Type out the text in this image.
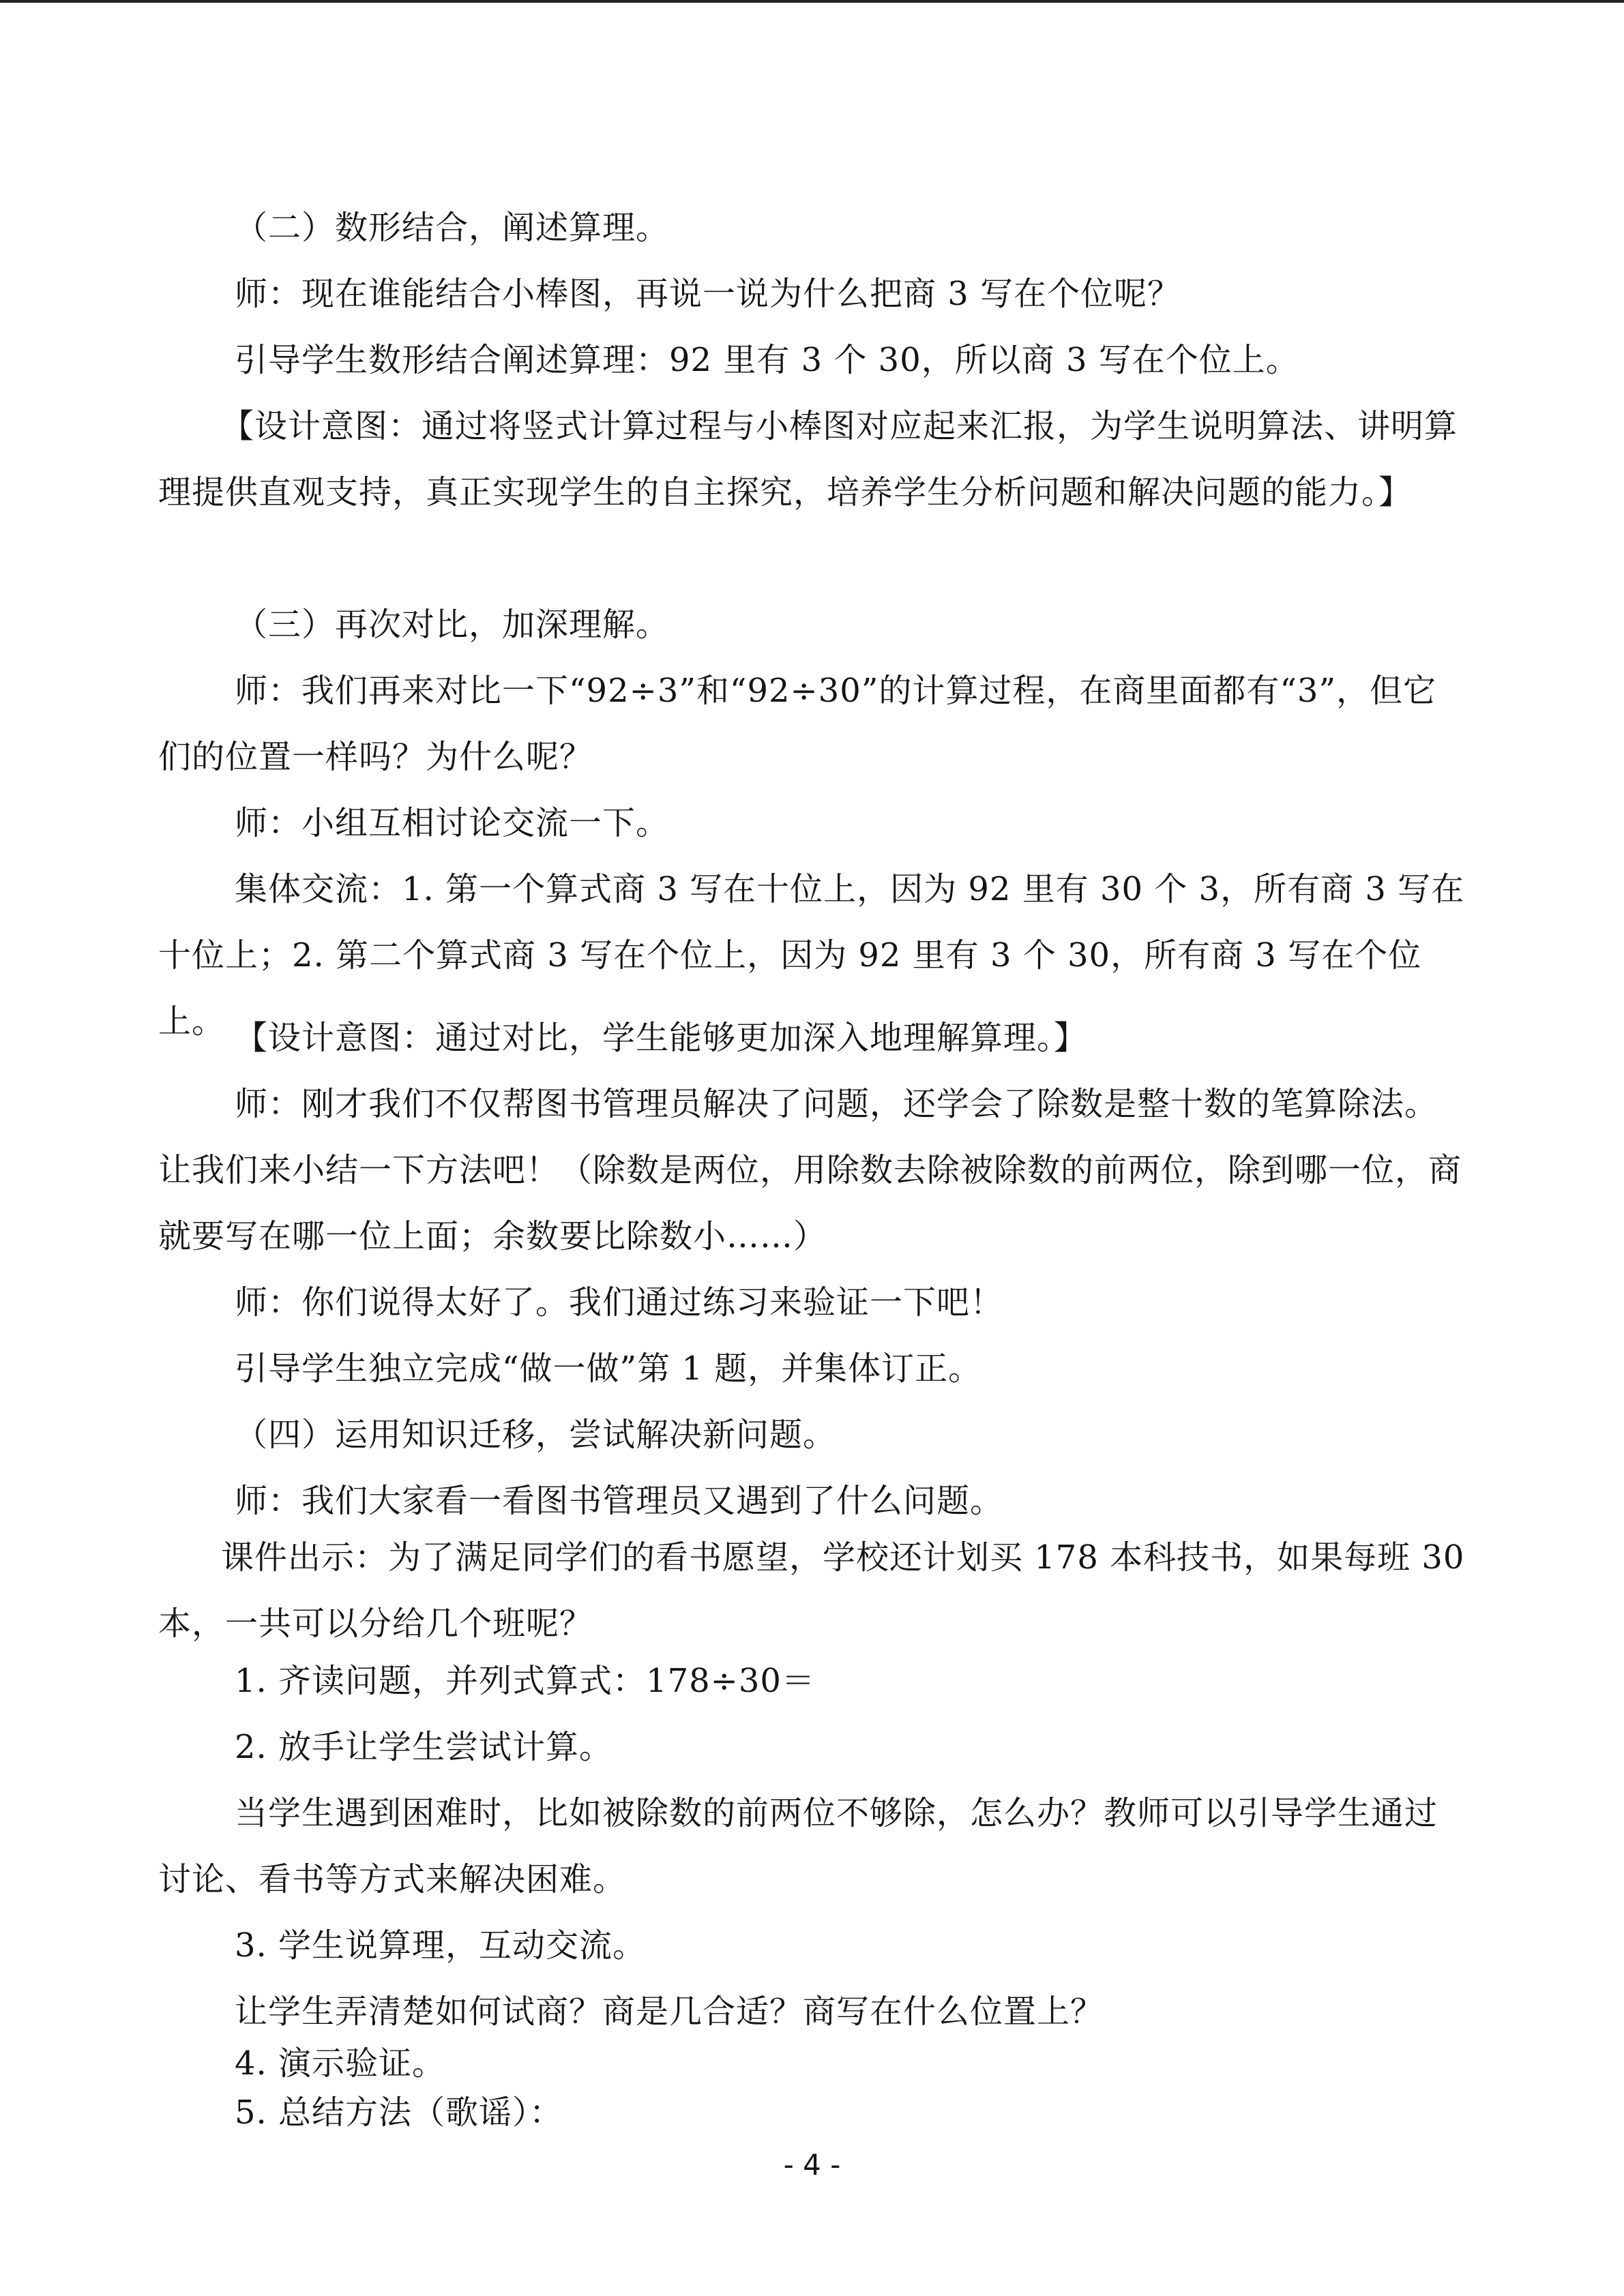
（二）数形结合，阐述算理。

师：现在谁能结合小棒图，再说一说为什么把商 3 写在个位呢？

引导学生数形结合阐述算理：92 里有 3 个 30，所以商 3 写在个位上。

【设计意图：通过将竖式计算过程与小棒图对应起来汇报，为学生说明算法、讲明算理提供直观支持，真正实现学生的自主探究，培养学生分析问题和解决问题的能力。】

（三）再次对比，加深理解。

师：我们再来对比一下“92÷3”和“92÷30”的计算过程，在商里面都有“3”，但它们的位置一样吗？为什么呢？

师：小组互相讨论交流一下。

集体交流：1. 第一个算式商 3 写在十位上，因为 92 里有 30 个 3，所有商 3 写在十位上；2. 第二个算式商 3 写在个位上，因为 92 里有 3 个 30，所有商 3 写在个位上。 【设计意图：通过对比，学生能够更加深入地理解算理。】

师：刚才我们不仅帮图书管理员解决了问题，还学会了除数是整十数的笔算除法。让我们来小结一下方法吧！（除数是两位，用除数去除被除数的前两位，除到哪一位，商就要写在哪一位上面；余数要比除数小……）

师：你们说得太好了。我们通过练习来验证一下吧！

引导学生独立完成“做一做”第 1 题，并集体订正。

（四）运用知识迁移，尝试解决新问题。

师：我们大家看一看图书管理员又遇到了什么问题。

课件出示：为了满足同学们的看书愿望，学校还计划买 178 本科技书，如果每班 30 本，一共可以分给几个班呢？

1. 齐读问题，并列式算式：178÷30＝

2. 放手让学生尝试计算。

当学生遇到困难时，比如被除数的前两位不够除，怎么办？教师可以引导学生通过讨论、看书等方式来解决困难。

3. 学生说算理，互动交流。

让学生弄清楚如何试商？商是几合适？商写在什么位置上？

4. 演示验证。

5. 总结方法（歌谣）：

- 4 -
